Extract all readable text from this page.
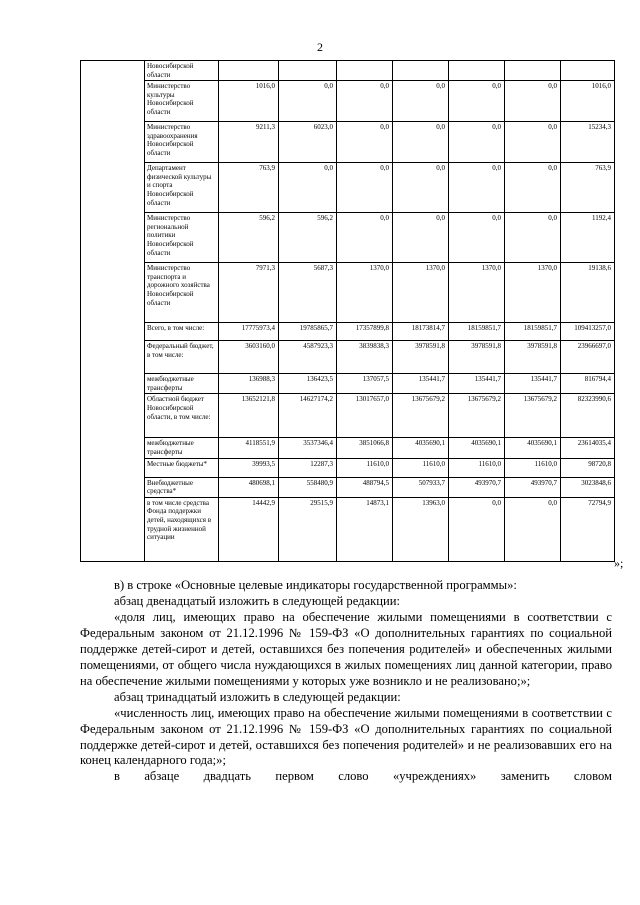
2
	Новосибирской области							
	Министерство культуры Новосибирской области	1016,0	0,0	0,0	0,0	0,0	0,0	1016,0
	Министерство здравоохранения Новосибирской области	9211,3	6023,0	0,0	0,0	0,0	0,0	15234,3
	Департамент физической культуры и спорта Новосибирской области	763,9	0,0	0,0	0,0	0,0	0,0	763,9
	Министерство региональной политики Новосибирской области	596,2	596,2	0,0	0,0	0,0	0,0	1192,4
	Министерство транспорта и дорожного хозяйства Новосибирской области	7971,3	5687,3	1370,0	1370,0	1370,0	1370,0	19138,6
	Всего, в том числе:	17775973,4	19785865,7	17357899,8	18173814,7	18159851,7	18159851,7	109413257,0
	Федеральный бюджет, в том числе:	3603160,0	4587923,3	3839838,3	3978591,8	3978591,8	3978591,8	23966697,0
	межбюджетные трансферты	136988,3	136423,5	137057,5	135441,7	135441,7	135441,7	816794,4
	Областной бюджет Новосибирской области, в том числе:	13652121,8	14627174,2	13017657,0	13675679,2	13675679,2	13675679,2	82323990,6
	межбюджетные трансферты	4118551,9	3537346,4	3851066,8	4035690,1	4035690,1	4035690,1	23614035,4
	Местные бюджеты*	39993,5	12287,3	11610,0	11610,0	11610,0	11610,0	98720,8
	Внебюджетные средства*	480698,1	558480,9	488794,5	507933,7	493970,7	493970,7	3023848,6
	в том числе средства Фонда поддержки детей, находящихся в трудной жизненной ситуации	14442,9	29515,9	14873,1	13963,0	0,0	0,0	72794,9
»;

в) в строке «Основные целевые индикаторы государственной программы»:

абзац двенадцатый изложить в следующей редакции:

«доля лиц, имеющих право на обеспечение жилыми помещениями в соответствии с Федеральным законом от 21.12.1996 № 159-ФЗ «О дополнительных гарантиях по социальной поддержке детей-сирот и детей, оставшихся без попечения родителей» и обеспеченных жилыми помещениями, от общего числа нуждающихся в жилых помещениях лиц данной категории, право на обеспечение жилыми помещениями у которых уже возникло и не реализовано;»;

абзац тринадцатый изложить в следующей редакции:

«численность лиц, имеющих право на обеспечение жилыми помещениями в соответствии с Федеральным законом от 21.12.1996 № 159-ФЗ «О дополнительных гарантиях по социальной поддержке детей-сирот и детей, оставшихся без попечения родителей» и не реализовавших его на конец календарного года;»;

в абзаце двадцать первом слово «учреждениях» заменить словом
